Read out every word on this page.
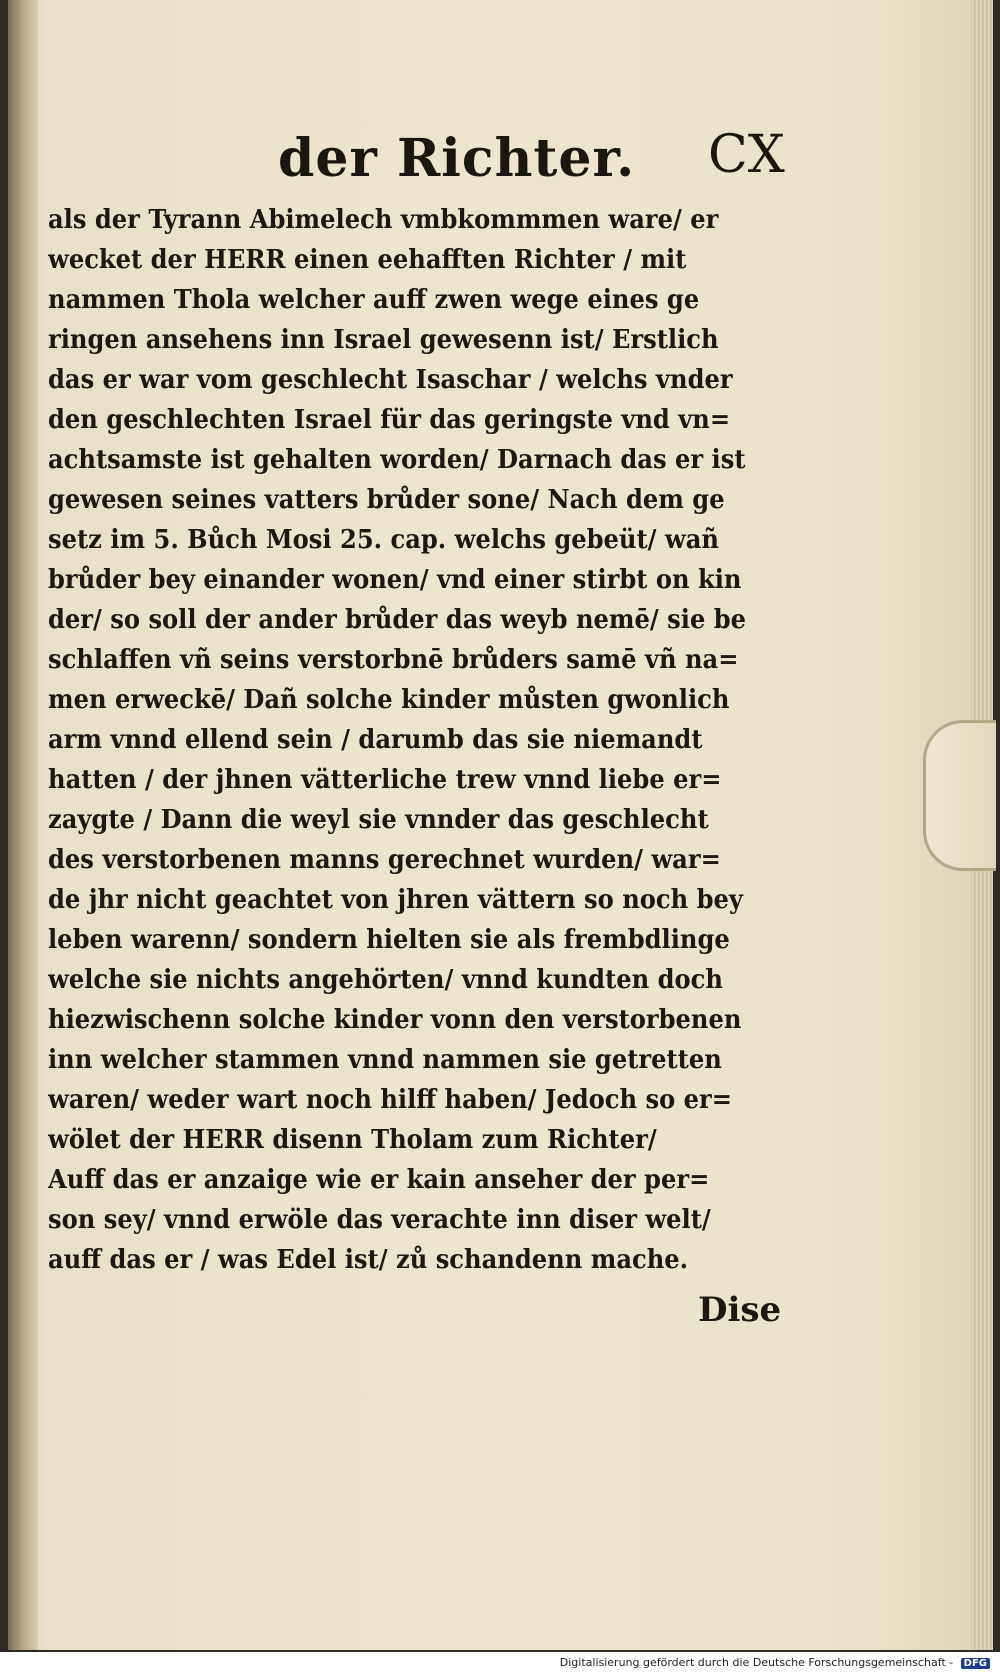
der Richter. CX
als der Tyrann Abimelech vmbkommmen ware/ er
wecket der HERR einen eehafften Richter / mit
nammen Thola welcher auff zwen wege eines ge
ringen ansehens inn Israel gewesenn ist/ Erstlich
das er war vom geschlecht Isaschar / welchs vnder
den geschlechten Israel für das geringste vnd vn=
achtsamste ist gehalten worden/ Darnach das er ist
gewesen seines vatters brůder sone/ Nach dem ge
setz im 5. Bůch Mosi 25. cap. welchs gebeüt/ wañ
brůder bey einander wonen/ vnd einer stirbt on kin
der/ so soll der ander brůder das weyb nemē/ sie be
schlaffen vñ seins verstorbnē brůders samē vñ na=
men erweckē/ Dañ solche kinder můsten gwonlich
arm vnnd ellend sein / darumb das sie niemandt
hatten / der jhnen vätterliche trew vnnd liebe er=
zaygte / Dann die weyl sie vnnder das geschlecht
des verstorbenen manns gerechnet wurden/ war=
de jhr nicht geachtet von jhren vättern so noch bey
leben warenn/ sondern hielten sie als frembdlinge
welche sie nichts angehörten/ vnnd kundten doch
hiezwischenn solche kinder vonn den verstorbenen
inn welcher stammen vnnd nammen sie getretten
waren/ weder wart noch hilff haben/ Jedoch so er=
wölet der HERR disenn Tholam zum Richter/
Auff das er anzaige wie er kain anseher der per=
son sey/ vnnd erwöle das verachte inn diser welt/
auff das er / was Edel ist/ zů schandenn mache.
Dise
Digitalisierung gefördert durch die Deutsche Forschungsgemeinschaft - DFG
